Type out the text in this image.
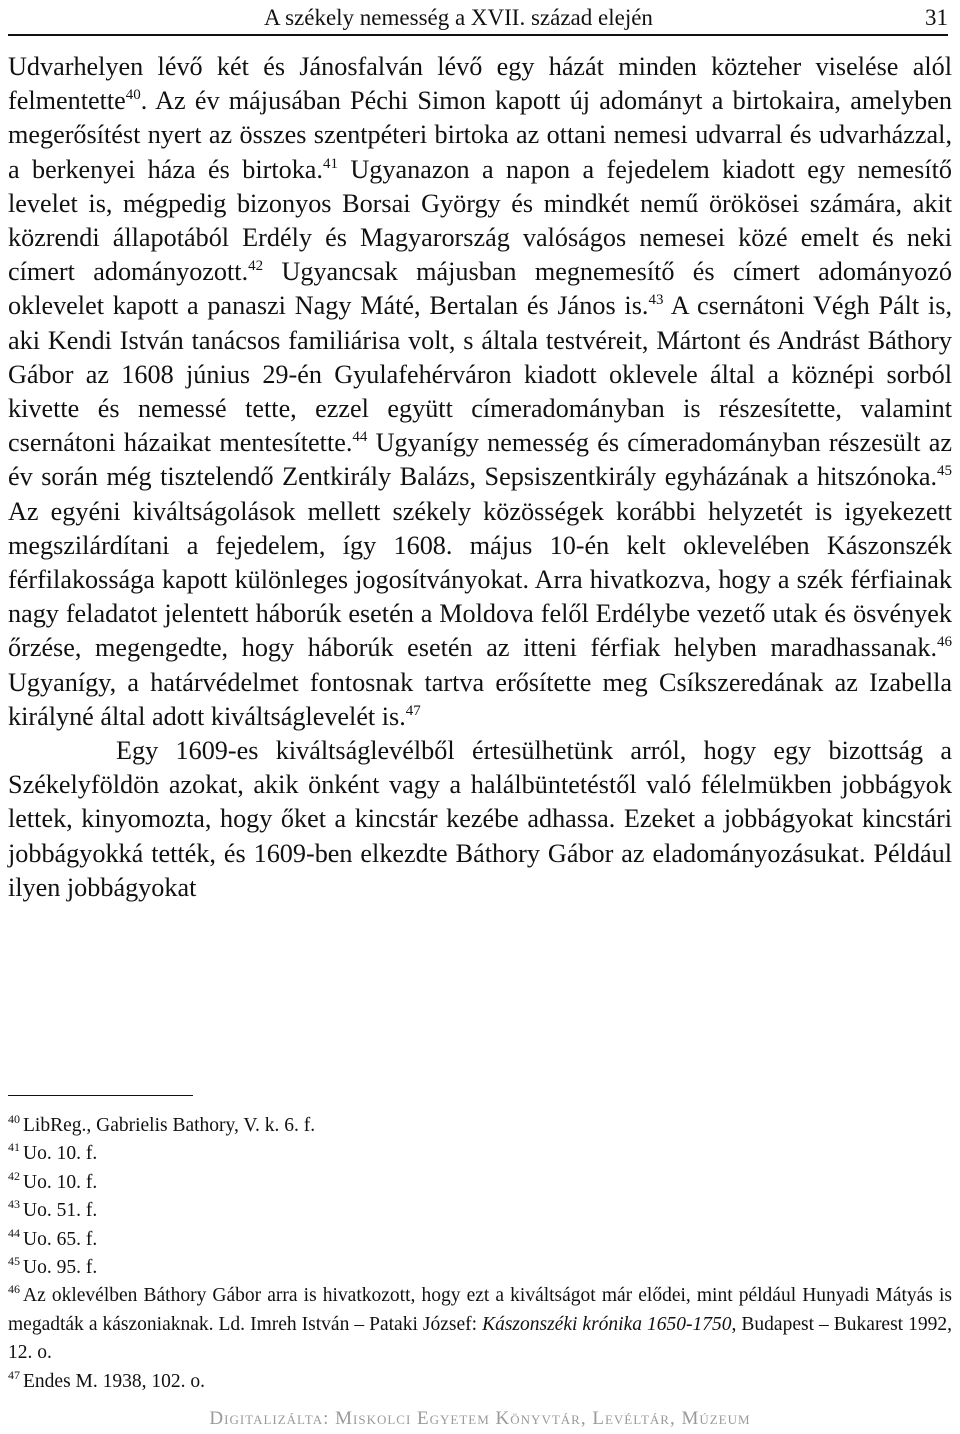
A székely nemesség a XVII. század elején	31

Udvarhelyen lévő két és Jánosfalván lévő egy házát minden közteher viselése alól felmentette$^{40}$. Az év májusában Péchi Simon kapott új adományt a birtokaira, amelyben megerősítést nyert az összes szentpéteri birtoka az ottani nemesi udvarral és udvarházzal, a berkenyei háza és birtoka.$^{41}$ Ugyanazon a napon a fejedelem kiadott egy nemesítő levelet is, mégpedig bizonyos Borsai György és mindkét nemű örökösei számára, akit közrendi állapotából Erdély és Magyarország valóságos nemesei közé emelt és neki címert adományozott.$^{42}$ Ugyancsak májusban megnemesítő és címert adományozó oklevelet kapott a panaszi Nagy Máté, Bertalan és János is.$^{43}$ A csernátoni Végh Pált is, aki Kendi István tanácsos familiárisa volt, s általa testvéreit, Mártont és Andrást Báthory Gábor az 1608 június 29-én Gyulafehérváron kiadott oklevele által a köznépi sorból kivette és nemessé tette, ezzel együtt címeradományban is részesítette, valamint csernátoni házaikat mentesítette.$^{44}$ Ugyanígy nemesség és címeradományban részesült az év során még tisztelendő Zentkirály Balázs, Sepsiszentkirály egyházának a hitszónoka.$^{45}$ Az egyéni kiváltságolások mellett székely közösségek korábbi helyzetét is igyekezett megszilárdítani a fejedelem, így 1608. május 10-én kelt oklevelében Kászonszék férfilakossága kapott különleges jogosítványokat. Arra hivatkozva, hogy a szék férfiainak nagy feladatot jelentett háborúk esetén a Moldova felől Erdélybe vezető utak és ösvények őrzése, megengedte, hogy háborúk esetén az itteni férfiak helyben maradhassanak.$^{46}$ Ugyanígy, a határvédelmet fontosnak tartva erősítette meg Csíkszeredának az Izabella királyné által adott kiváltságlevelét is.$^{47}$

Egy 1609-es kiváltságlevélből értesülhetünk arról, hogy egy bizottság a Székelyföldön azokat, akik önként vagy a halálbüntetéstől való félelmükben jobbágyok lettek, kinyomozta, hogy őket a kincstár kezébe adhassa. Ezeket a jobbágyokat kincstári jobbágyokká tették, és 1609-ben elkezdte Báthory Gábor az eladományozásukat. Például ilyen jobbágyokat

$^{40}$ LibReg., Gabrielis Bathory, V. k. 6. f.
$^{41}$ Uo. 10. f.
$^{42}$ Uo. 10. f.
$^{43}$ Uo. 51. f.
$^{44}$ Uo. 65. f.
$^{45}$ Uo. 95. f.
$^{46}$ Az oklevélben Báthory Gábor arra is hivatkozott, hogy ezt a kiváltságot már elődei, mint például Hunyadi Mátyás is megadták a kászoniaknak. Ld. Imreh István – Pataki József: Kászonszéki krónika 1650-1750, Budapest – Bukarest 1992, 12. o.
$^{47}$ Endes M. 1938, 102. o.
Digitalizálta: Miskolci Egyetem Könyvtár, Levéltár, Múzeum
